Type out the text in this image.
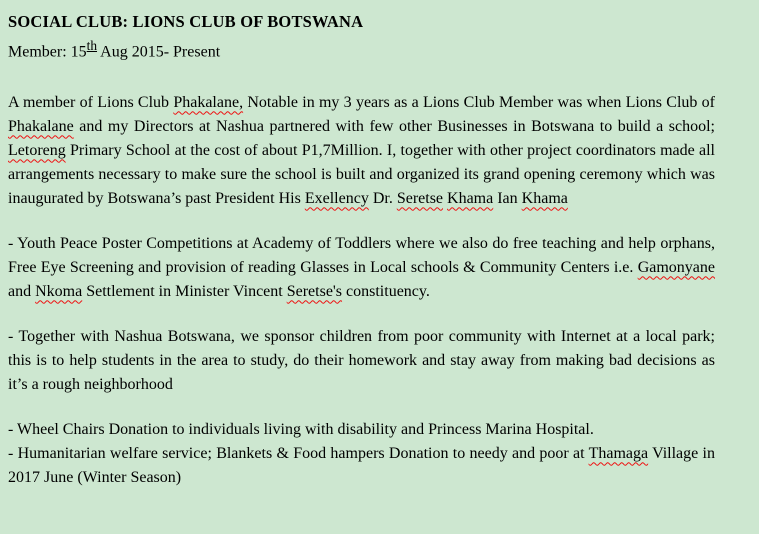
SOCIAL CLUB: LIONS CLUB OF BOTSWANA
Member: 15th Aug 2015- Present

A member of Lions Club Phakalane, Notable in my 3 years as a Lions Club Member was when Lions Club of Phakalane and my Directors at Nashua partnered with few other Businesses in Botswana to build a school; Letoreng Primary School at the cost of about P1,7Million. I, together with other project coordinators made all arrangements necessary to make sure the school is built and organized its grand opening ceremony which was inaugurated by Botswana’s past President His Exellency Dr. Seretse Khama Ian Khama

- Youth Peace Poster Competitions at Academy of Toddlers where we also do free teaching and help orphans, Free Eye Screening and provision of reading Glasses in Local schools & Community Centers i.e. Gamonyane and Nkoma Settlement in Minister Vincent Seretse's constituency.

- Together with Nashua Botswana, we sponsor children from poor community with Internet at a local park; this is to help students in the area to study, do their homework and stay away from making bad decisions as it’s a rough neighborhood

- Wheel Chairs Donation to individuals living with disability and Princess Marina Hospital.

- Humanitarian welfare service; Blankets & Food hampers Donation to needy and poor at Thamaga Village in 2017 June (Winter Season)
